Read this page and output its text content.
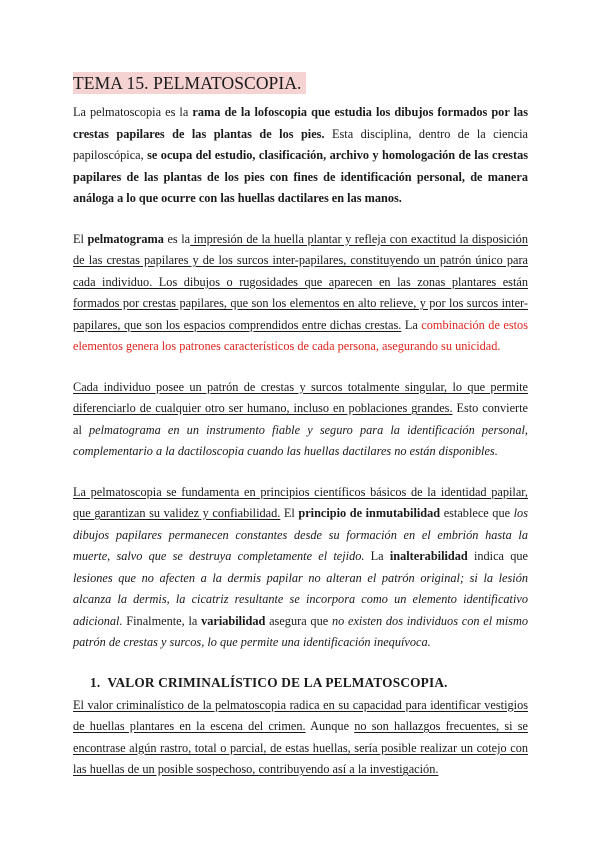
TEMA 15. PELMATOSCOPIA.

La pelmatoscopia es la rama de la lofoscopia que estudia los dibujos formados por las crestas papilares de las plantas de los pies. Esta disciplina, dentro de la ciencia papiloscópica, se ocupa del estudio, clasificación, archivo y homologación de las crestas papilares de las plantas de los pies con fines de identificación personal, de manera análoga a lo que ocurre con las huellas dactilares en las manos.

El pelmatograma es la impresión de la huella plantar y refleja con exactitud la disposición de las crestas papilares y de los surcos inter-papilares, constituyendo un patrón único para cada individuo. Los dibujos o rugosidades que aparecen en las zonas plantares están formados por crestas papilares, que son los elementos en alto relieve, y por los surcos inter-papilares, que son los espacios comprendidos entre dichas crestas. La combinación de estos elementos genera los patrones característicos de cada persona, asegurando su unicidad.

Cada individuo posee un patrón de crestas y surcos totalmente singular, lo que permite diferenciarlo de cualquier otro ser humano, incluso en poblaciones grandes. Esto convierte al pelmatograma en un instrumento fiable y seguro para la identificación personal, complementario a la dactiloscopia cuando las huellas dactilares no están disponibles.

La pelmatoscopia se fundamenta en principios científicos básicos de la identidad papilar, que garantizan su validez y confiabilidad. El principio de inmutabilidad establece que los dibujos papilares permanecen constantes desde su formación en el embrión hasta la muerte, salvo que se destruya completamente el tejido. La inalterabilidad indica que lesiones que no afecten a la dermis papilar no alteran el patrón original; si la lesión alcanza la dermis, la cicatriz resultante se incorpora como un elemento identificativo adicional. Finalmente, la variabilidad asegura que no existen dos individuos con el mismo patrón de crestas y surcos, lo que permite una identificación inequívoca.

1. VALOR CRIMINALÍSTICO DE LA PELMATOSCOPIA.

El valor criminalístico de la pelmatoscopia radica en su capacidad para identificar vestigios de huellas plantares en la escena del crimen. Aunque no son hallazgos frecuentes, si se encontrase algún rastro, total o parcial, de estas huellas, sería posible realizar un cotejo con las huellas de un posible sospechoso, contribuyendo así a la investigación.
